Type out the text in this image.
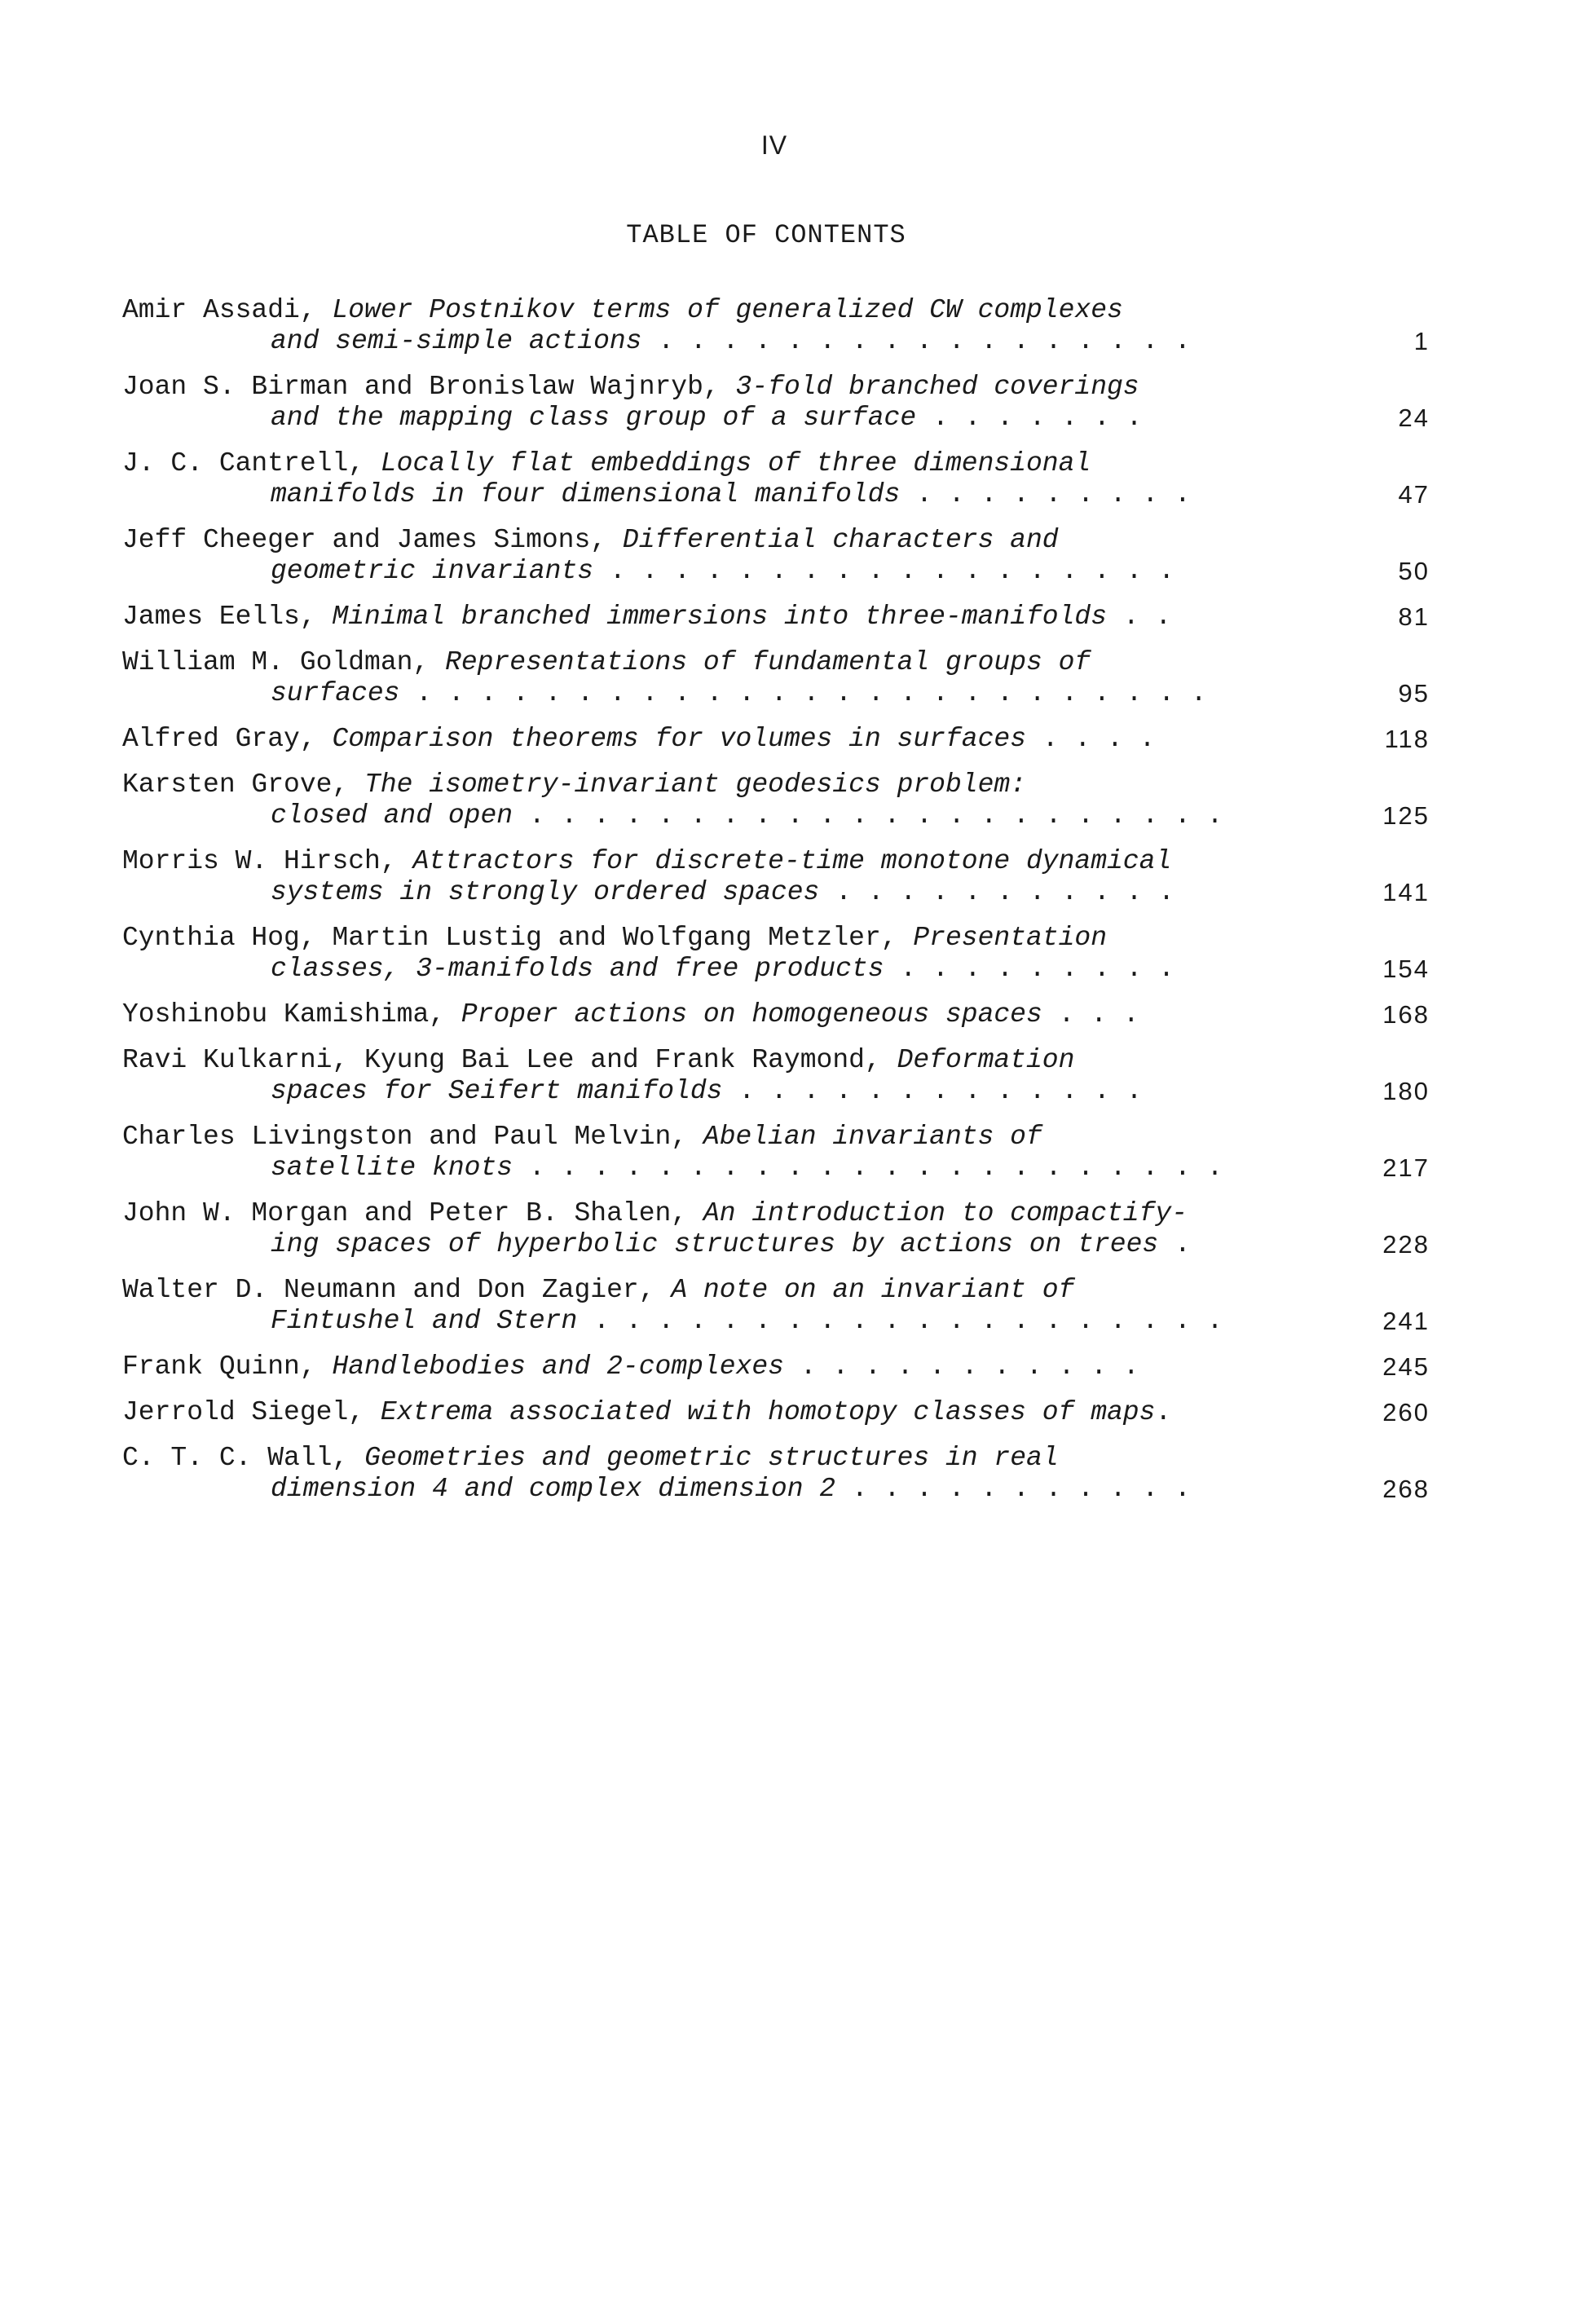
IV
TABLE OF CONTENTS
Amir Assadi, Lower Postnikov terms of generalized CW complexes
and semi-simple actions . . . . . . . . . . . . . . . . .	1
Joan S. Birman and Bronislaw Wajnryb, 3-fold branched coverings
and the mapping class group of a surface . . . . . . .	24
J. C. Cantrell, Locally flat embeddings of three dimensional
manifolds in four dimensional manifolds . . . . . . . . .	47
Jeff Cheeger and James Simons, Differential characters and
geometric invariants . . . . . . . . . . . . . . . . . .	50
James Eells, Minimal branched immersions into three-manifolds . .	81
William M. Goldman, Representations of fundamental groups of
surfaces . . . . . . . . . . . . . . . . . . . . . . . . .	95
Alfred Gray, Comparison theorems for volumes in surfaces . . . .	118
Karsten Grove, The isometry-invariant geodesics problem:
closed and open . . . . . . . . . . . . . . . . . . . . . .	125
Morris W. Hirsch, Attractors for discrete-time monotone dynamical
systems in strongly ordered spaces . . . . . . . . . . .	141
Cynthia Hog, Martin Lustig and Wolfgang Metzler, Presentation
classes, 3-manifolds and free products . . . . . . . . .	154
Yoshinobu Kamishima, Proper actions on homogeneous spaces . . .	168
Ravi Kulkarni, Kyung Bai Lee and Frank Raymond, Deformation
spaces for Seifert manifolds . . . . . . . . . . . . .	180
Charles Livingston and Paul Melvin, Abelian invariants of
satellite knots . . . . . . . . . . . . . . . . . . . . . .	217
John W. Morgan and Peter B. Shalen, An introduction to compactify-
ing spaces of hyperbolic structures by actions on trees .	228
Walter D. Neumann and Don Zagier, A note on an invariant of
Fintushel and Stern . . . . . . . . . . . . . . . . . . . .	241
Frank Quinn, Handlebodies and 2-complexes . . . . . . . . . . .	245
Jerrold Siegel, Extrema associated with homotopy classes of maps.	260
C. T. C. Wall, Geometries and geometric structures in real
dimension 4 and complex dimension 2 . . . . . . . . . . .	268
